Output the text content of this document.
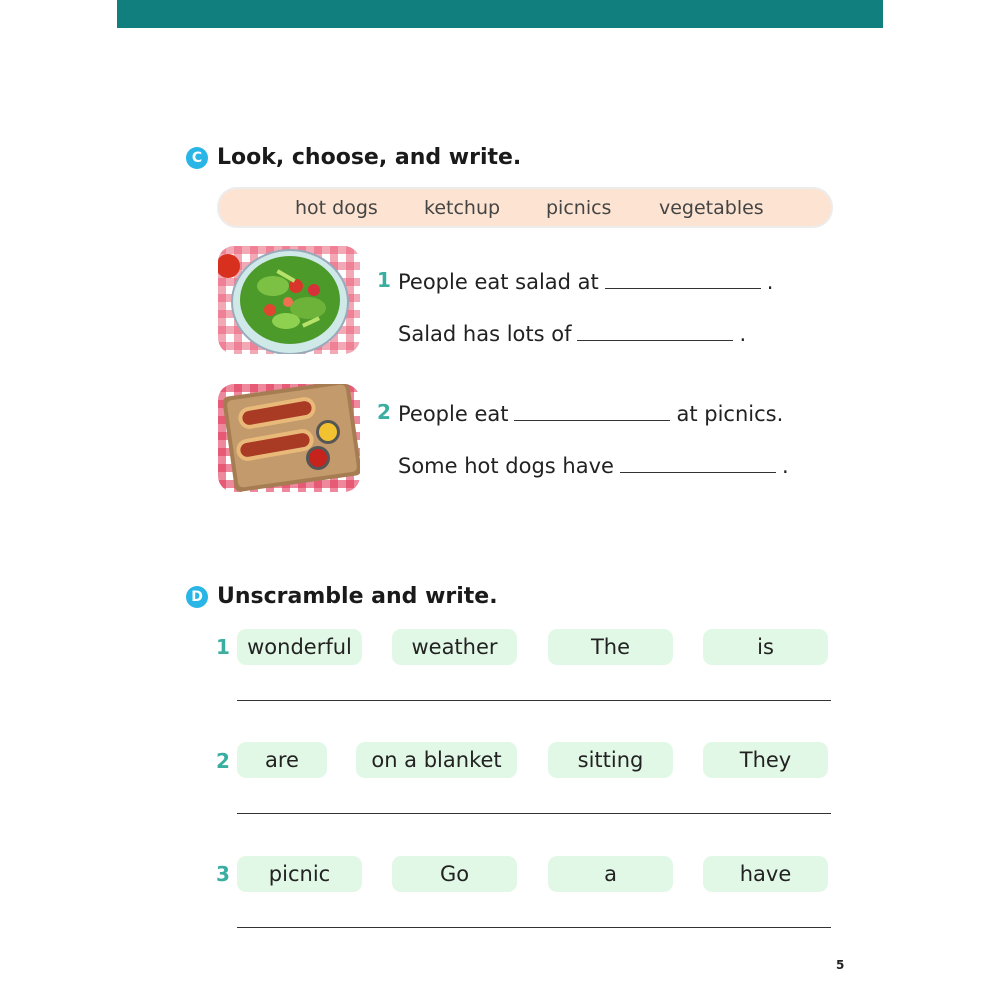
C Look, choose, and write.
hot dogs ketchup picnics	vegetables
1 People eat salad at	.
Salad has lots of	.
2 People eat	at picnics.
Some hot dogs have	.
D Unscramble and write.
1 wonderful	weather	The	is
2	are	on a blanket	sitting	They
3	picnic	Go	a	have
5
